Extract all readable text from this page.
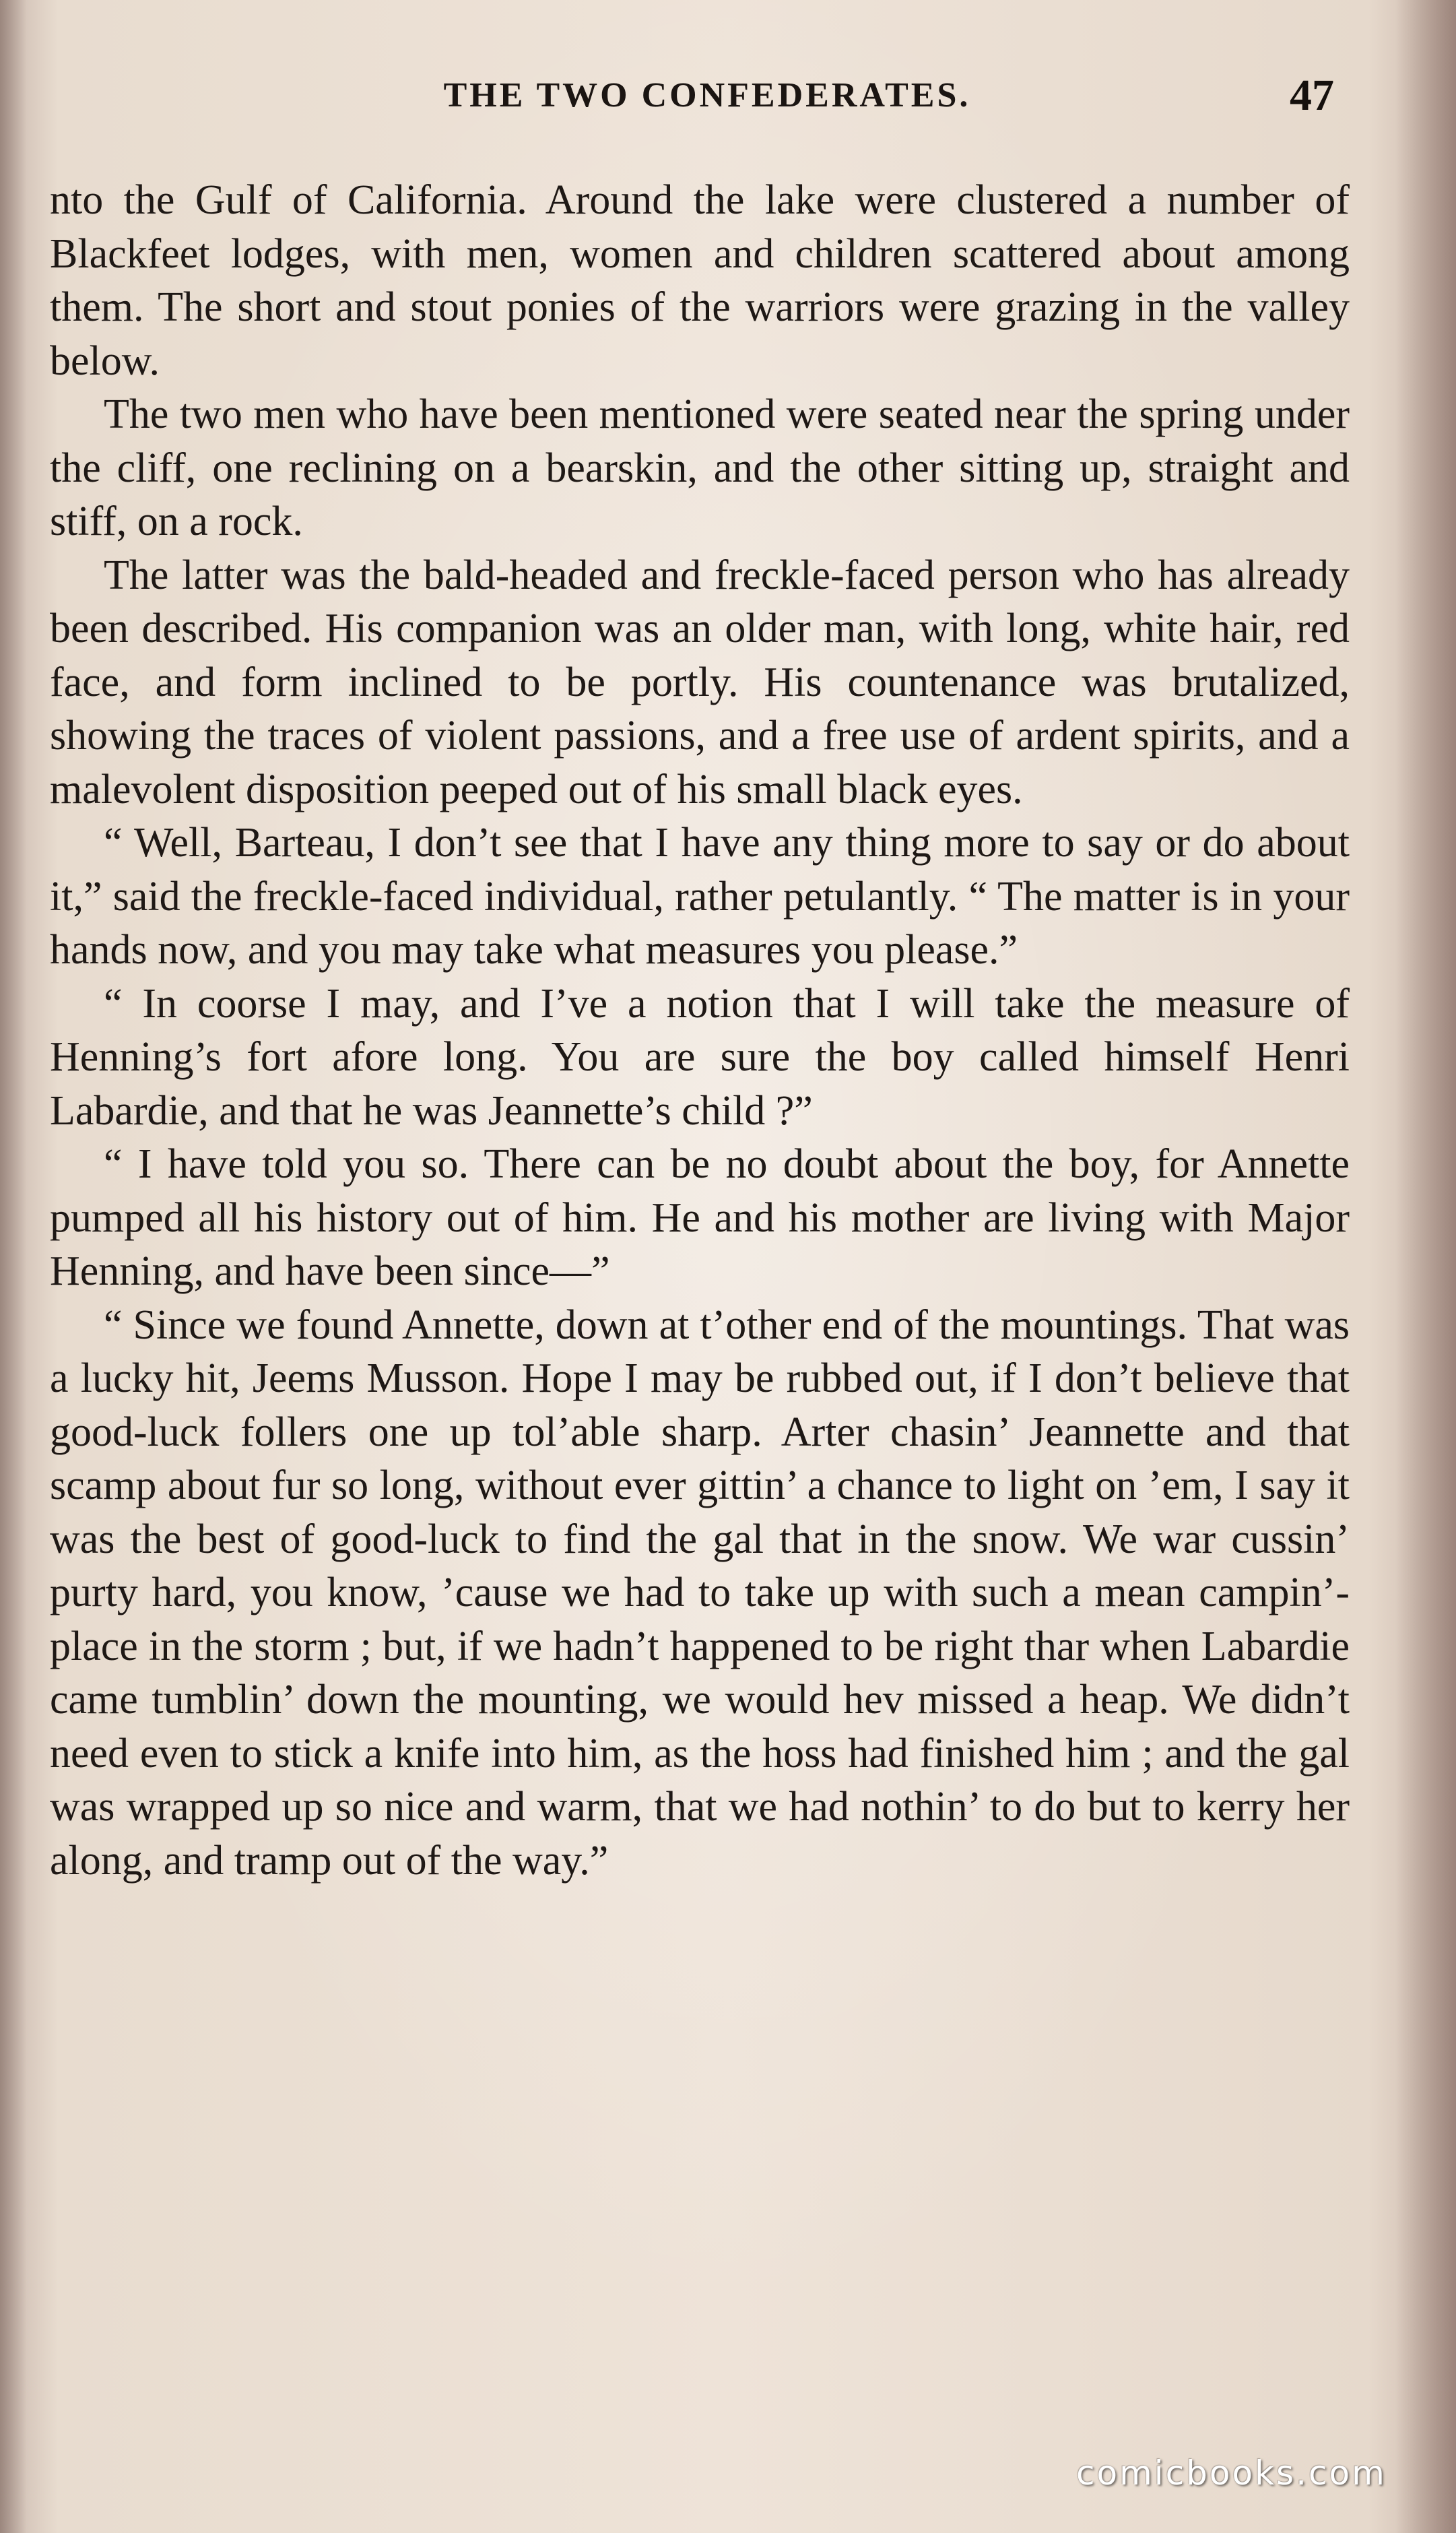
THE TWO CONFEDERATES.	47

nto the Gulf of California. Around the lake were clustered a number of Blackfeet lodges, with men, women and children scattered about among them. The short and stout ponies of the warriors were grazing in the valley below.

The two men who have been mentioned were seated near the spring under the cliff, one reclining on a bearskin, and the other sitting up, straight and stiff, on a rock.

The latter was the bald-headed and freckle-faced person who has already been described. His companion was an older man, with long, white hair, red face, and form inclined to be portly. His countenance was brutalized, showing the traces of violent passions, and a free use of ardent spirits, and a malevolent disposition peeped out of his small black eyes.

“ Well, Barteau, I don’t see that I have any thing more to say or do about it,” said the freckle-faced individual, rather petulantly. “ The matter is in your hands now, and you may take what measures you please.”

“ In coorse I may, and I’ve a notion that I will take the measure of Henning’s fort afore long. You are sure the boy called himself Henri Labardie, and that he was Jeannette’s child ?”

“ I have told you so. There can be no doubt about the boy, for Annette pumped all his history out of him. He and his mother are living with Major Henning, and have been since—”

“ Since we found Annette, down at t’other end of the mountings. That was a lucky hit, Jeems Musson. Hope I may be rubbed out, if I don’t believe that good-luck follers one up tol’able sharp. Arter chasin’ Jeannette and that scamp about fur so long, without ever gittin’ a chance to light on ’em, I say it was the best of good-luck to find the gal that in the snow. We war cussin’ purty hard, you know, ’cause we had to take up with such a mean campin’-place in the storm ; but, if we hadn’t happened to be right thar when Labardie came tumblin’ down the mounting, we would hev missed a heap. We didn’t need even to stick a knife into him, as the hoss had finished him ; and the gal was wrapped up so nice and warm, that we had nothin’ to do but to kerry her along, and tramp out of the way.”

comicbooks.com
